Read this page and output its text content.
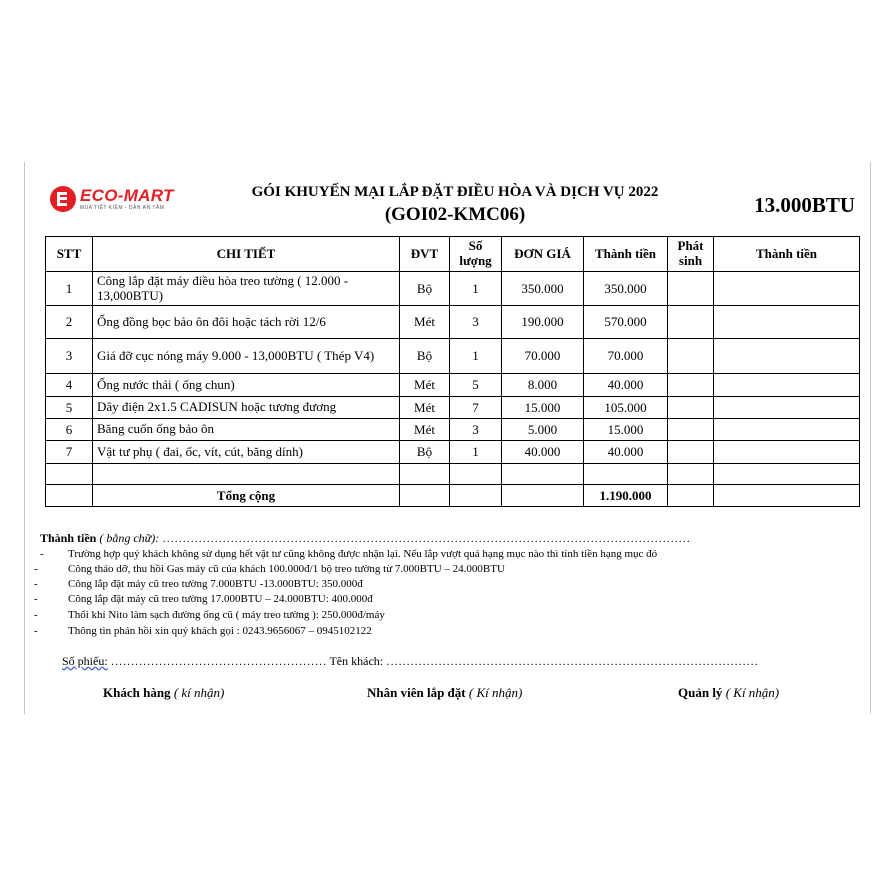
ECO-MART
MUA TIẾT KIỆM - DÂN AN TÂM
GÓI KHUYẾN MẠI LẮP ĐẶT ĐIỀU HÒA VÀ DỊCH VỤ 2022
(GOI02-KMC06)	13.000BTU
STT	CHI TIẾT	ĐVT	Số lượng	ĐƠN GIÁ	Thành tiền	Phát sinh	Thành tiền
1	Công lắp đặt máy điều hòa treo tường ( 12.000 - 13,000BTU)	Bộ	1	350.000	350.000		
2	Ống đồng bọc bảo ôn đôi hoặc tách rời 12/6	Mét	3	190.000	570.000		
3	Giá đỡ cục nóng máy 9.000 - 13,000BTU ( Thép V4)	Bộ	1	70.000	70.000		
4	Ống nước thải ( ống chun)	Mét	5	8.000	40.000		
5	Dây điện 2x1.5 CADISUN hoặc tương đương	Mét	7	15.000	105.000		
6	Băng cuốn ống bảo ôn	Mét	3	5.000	15.000		
7	Vật tư phụ ( đai, ốc, vít, cút, băng dính)	Bộ	1	40.000	40.000		

	Tổng cộng				1.190.000		
Thành tiền ( bằng chữ): ……………………………………………………………………………………………………………………
- Trường hợp quý khách không sử dụng hết vật tư cũng không được nhận lại. Nếu lắp vượt quá hạng mục nào thì tính tiền hạng mục đó
-	Công tháo dỡ, thu hồi Gas máy cũ của khách 100.000đ/1 bộ treo tường từ 7.000BTU – 24.000BTU
-	Công lắp đặt máy cũ treo tường 7.000BTU -13.000BTU: 350.000đ
-	Công lắp đặt máy cũ treo tường 17.000BTU – 24.000BTU: 400.000đ
-	Thổi khí Nito làm sạch đường ống cũ ( máy treo tường ): 250.000đ/máy
-	Thông tin phản hồi xin quý khách gọi : 0243.9656067 – 0945102122
Số phiếu: ……………………………………………… Tên khách: …………………………………………………………………………………
Khách hàng ( kí nhận)	Nhân viên lắp đặt ( Kí nhận)	Quản lý ( Kí nhận)
